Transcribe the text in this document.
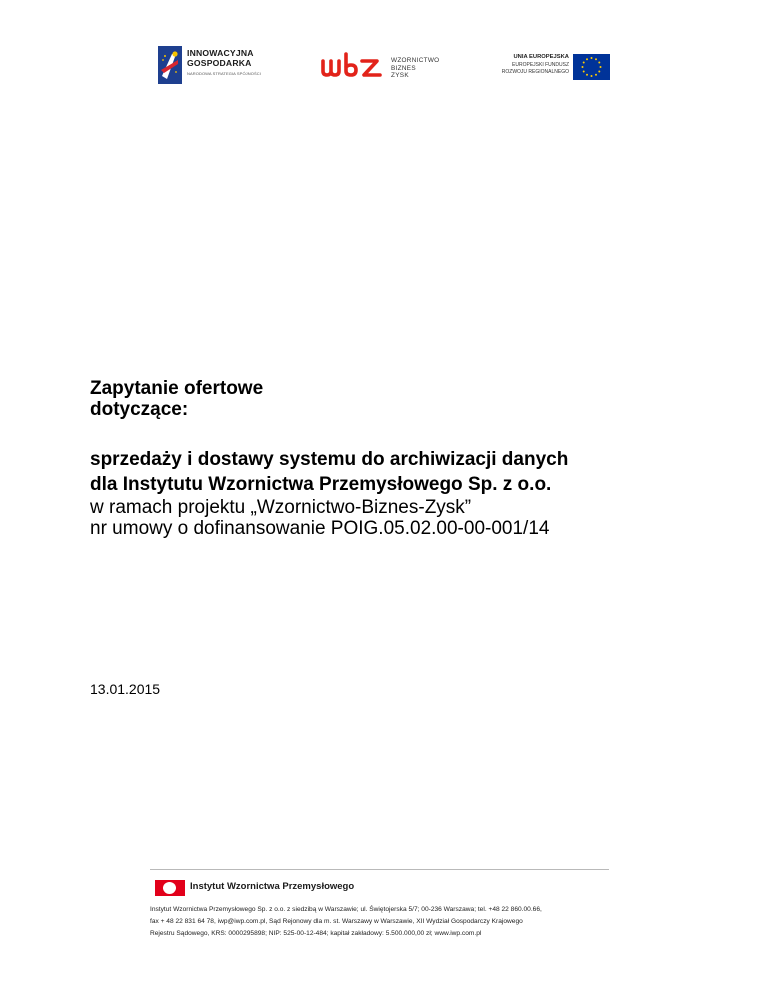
INNOWACYJNA
GOSPODARKA
NARODOWA STRATEGIA SPÓJNOŚCI
WZORNICTWO
BIZNES
ZYSK
UNIA EUROPEJSKA
EUROPEJSKI FUNDUSZ
ROZWOJU REGIONALNEGO
Zapytanie ofertowe
dotyczące:
sprzedaży i dostawy systemu do archiwizacji danych
dla Instytutu Wzornictwa Przemysłowego Sp. z o.o.
w ramach projektu „Wzornictwo-Biznes-Zysk”
nr umowy o dofinansowanie POIG.05.02.00-00-001/14
13.01.2015
Instytut Wzornictwa Przemysłowego
Instytut Wzornictwa Przemysłowego Sp. z o.o. z siedzibą w Warszawie; ul. Świętojerska 5/7; 00-236 Warszawa; tel. +48 22 860.00.66,
fax + 48 22 831 64 78, iwp@iwp.com.pl, Sąd Rejonowy dla m. st. Warszawy w Warszawie, XII Wydział Gospodarczy Krajowego
Rejestru Sądowego, KRS: 0000295898; NIP: 525-00-12-484; kapitał zakładowy: 5.500.000,00 zł; www.iwp.com.pl
